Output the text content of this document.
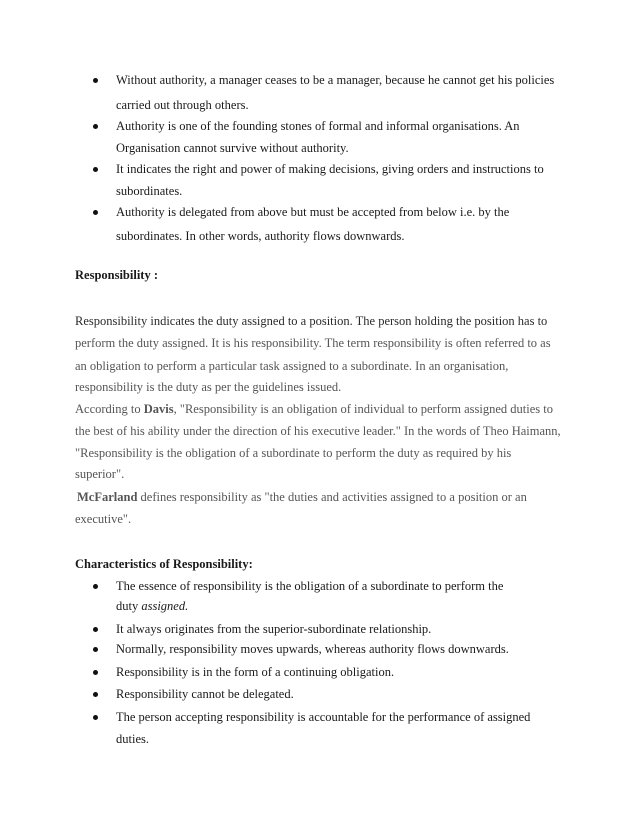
Without authority, a manager ceases to be a manager, because he cannot get his policies
carried out through others.
Authority is one of the founding stones of formal and informal organisations. An
Organisation cannot survive without authority.
It indicates the right and power of making decisions, giving orders and instructions to
subordinates.
Authority is delegated from above but must be accepted from below i.e. by the
subordinates. In other words, authority flows downwards.
Responsibility :
Responsibility indicates the duty assigned to a position. The person holding the position has to
perform the duty assigned. It is his responsibility. The term responsibility is often referred to as
an obligation to perform a particular task assigned to a subordinate. In an organisation,
responsibility is the duty as per the guidelines issued.
According to Davis, "Responsibility is an obligation of individual to perform assigned duties to
the best of his ability under the direction of his executive leader." In the words of Theo Haimann,
"Responsibility is the obligation of a subordinate to perform the duty as required by his
superior".
McFarland defines responsibility as "the duties and activities assigned to a position or an
executive".
Characteristics of Responsibility:
The essence of responsibility is the obligation of a subordinate to perform the
duty assigned.
It always originates from the superior-subordinate relationship.
Normally, responsibility moves upwards, whereas authority flows downwards.
Responsibility is in the form of a continuing obligation.
Responsibility cannot be delegated.
The person accepting responsibility is accountable for the performance of assigned
duties.
